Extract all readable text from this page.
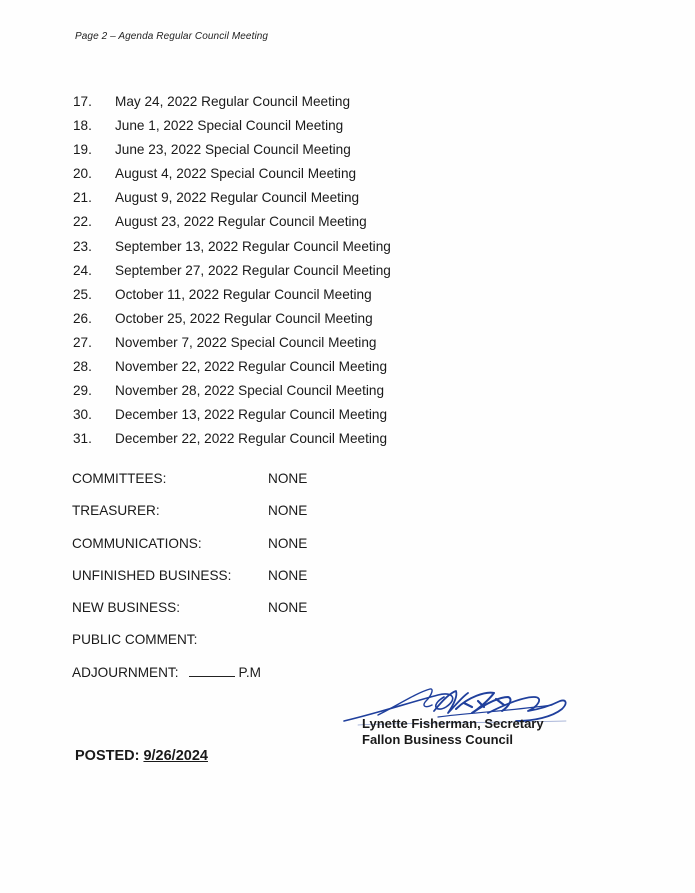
Page 2 – Agenda Regular Council Meeting
17.	May 24, 2022 Regular Council Meeting
18.	June 1, 2022 Special Council Meeting
19.	June 23, 2022 Special Council Meeting
20.	August 4, 2022 Special Council Meeting
21.	August 9, 2022 Regular Council Meeting
22.	August 23, 2022 Regular Council Meeting
23.	September 13, 2022 Regular Council Meeting
24.	September 27, 2022 Regular Council Meeting
25.	October 11, 2022 Regular Council Meeting
26.	October 25, 2022 Regular Council Meeting
27.	November 7, 2022 Special Council Meeting
28.	November 22, 2022 Regular Council Meeting
29.	November 28, 2022 Special Council Meeting
30.	December 13, 2022 Regular Council Meeting
31.	December 22, 2022 Regular Council Meeting
COMMITTEES:	NONE
TREASURER:	NONE
COMMUNICATIONS:	NONE
UNFINISHED BUSINESS:	NONE
NEW BUSINESS:	NONE
PUBLIC COMMENT:
ADJOURNMENT:	P.M
Lynette Fisherman, Secretary
Fallon Business Council
POSTED: 9/26/2024
